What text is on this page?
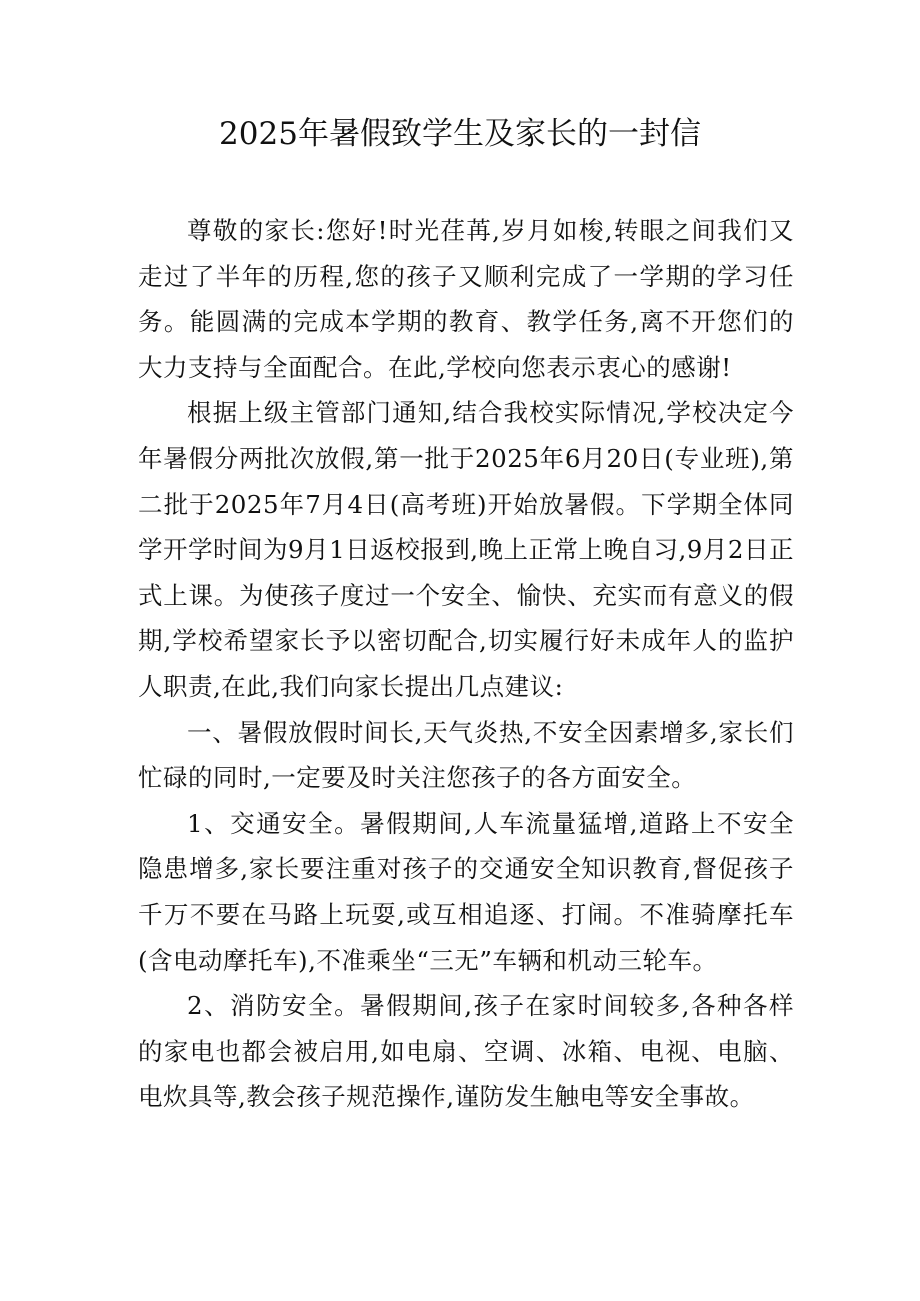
2025年暑假致学生及家长的一封信

尊敬的家长:您好!时光荏苒,岁月如梭,转眼之间我们又走过了半年的历程,您的孩子又顺利完成了一学期的学习任务。能圆满的完成本学期的教育、教学任务,离不开您们的大力支持与全面配合。在此,学校向您表示衷心的感谢!

根据上级主管部门通知,结合我校实际情况,学校决定今年暑假分两批次放假,第一批于2025年6月20日(专业班),第二批于2025年7月4日(高考班)开始放暑假。下学期全体同学开学时间为9月1日返校报到,晚上正常上晚自习,9月2日正式上课。为使孩子度过一个安全、愉快、充实而有意义的假期,学校希望家长予以密切配合,切实履行好未成年人的监护人职责,在此,我们向家长提出几点建议:

一、暑假放假时间长,天气炎热,不安全因素增多,家长们忙碌的同时,一定要及时关注您孩子的各方面安全。

1、交通安全。暑假期间,人车流量猛增,道路上不安全隐患增多,家长要注重对孩子的交通安全知识教育,督促孩子千万不要在马路上玩耍,或互相追逐、打闹。不准骑摩托车(含电动摩托车),不准乘坐“三无”车辆和机动三轮车。

2、消防安全。暑假期间,孩子在家时间较多,各种各样的家电也都会被启用,如电扇、空调、冰箱、电视、电脑、电炊具等,教会孩子规范操作,谨防发生触电等安全事故。
